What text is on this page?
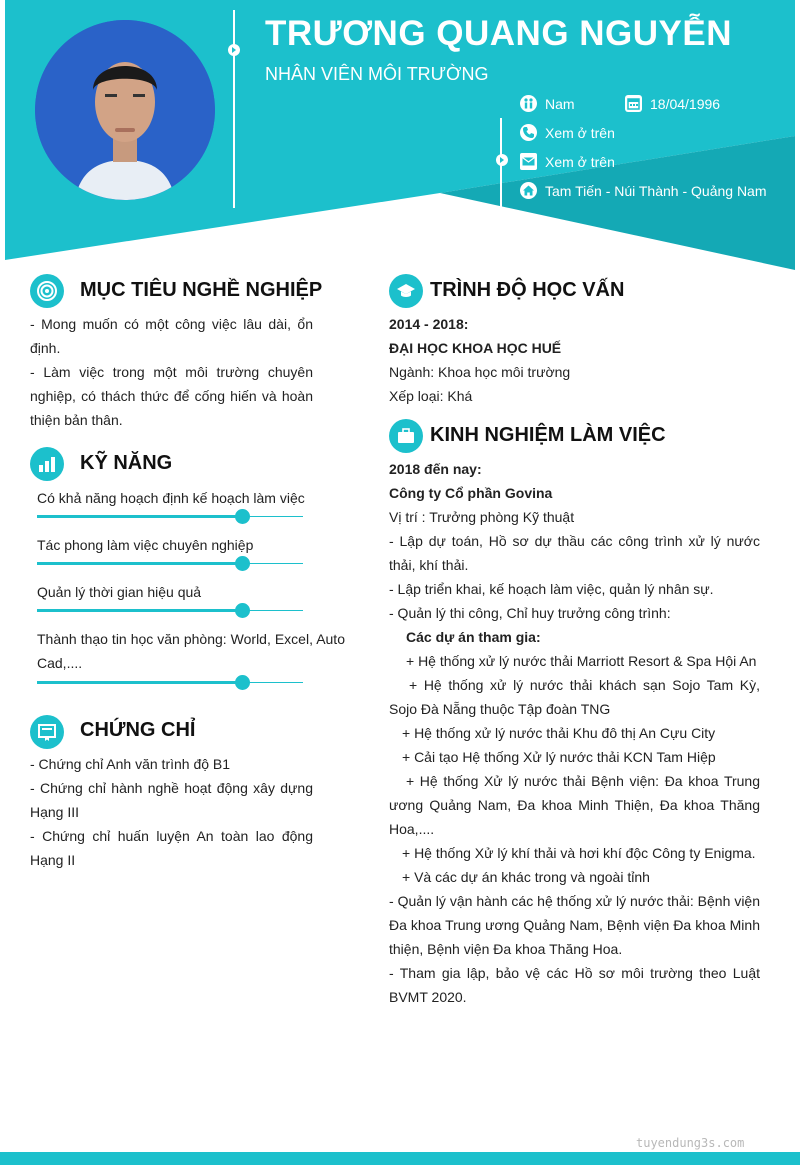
TRƯƠNG QUANG NGUYỄN
NHÂN VIÊN MÔI TRƯỜNG
Nam	18/04/1996
Xem ở trên
Xem ở trên
Tam Tiến - Núi Thành - Quảng Nam
MỤC TIÊU NGHỀ NGHIỆP
- Mong muốn có một công việc lâu dài, ổn định.
- Làm việc trong một môi trường chuyên nghiệp, có thách thức để cống hiến và hoàn thiện bản thân.
KỸ NĂNG
Có khả năng hoạch định kế hoạch làm việc
Tác phong làm việc chuyên nghiệp
Quản lý thời gian hiệu quả
Thành thạo tin học văn phòng: World, Excel, Auto Cad,....
CHỨNG CHỈ
- Chứng chỉ Anh văn trình độ B1
- Chứng chỉ hành nghề hoạt động xây dựng Hạng III
- Chứng chỉ huấn luyện An toàn lao động Hạng II
TRÌNH ĐỘ HỌC VẤN
2014 - 2018:
ĐẠI HỌC KHOA HỌC HUẾ
Ngành: Khoa học môi trường
Xếp loại: Khá
KINH NGHIỆM LÀM VIỆC
2018 đến nay:
Công ty Cổ phần Govina
Vị trí : Trưởng phòng Kỹ thuật
- Lập dự toán, Hồ sơ dự thầu các công trình xử lý nước thải, khí thải.
- Lập triển khai, kế hoạch làm việc, quản lý nhân sự.
- Quản lý thi công, Chỉ huy trưởng công trình:
Các dự án tham gia:
+ Hệ thống xử lý nước thải Marriott Resort & Spa Hội An
+ Hệ thống xử lý nước thải khách sạn Sojo Tam Kỳ, Sojo Đà Nẵng thuộc Tập đoàn TNG
+ Hệ thống xử lý nước thải Khu đô thị An Cựu City
+ Cải tạo Hệ thống Xử lý nước thải KCN Tam Hiệp
+ Hệ thống Xử lý nước thải Bệnh viện: Đa khoa Trung ương Quảng Nam, Đa khoa Minh Thiện, Đa khoa Thăng Hoa,....
+ Hệ thống Xử lý khí thải và hơi khí độc Công ty Enigma.
+ Và các dự án khác trong và ngoài tỉnh
- Quản lý vận hành các hệ thống xử lý nước thải: Bệnh viện Đa khoa Trung ương Quảng Nam, Bệnh viện Đa khoa Minh thiện, Bệnh viện Đa khoa Thăng Hoa.
- Tham gia lập, bảo vệ các Hồ sơ môi trường theo Luật BVMT 2020.
tuyendung3s.com
